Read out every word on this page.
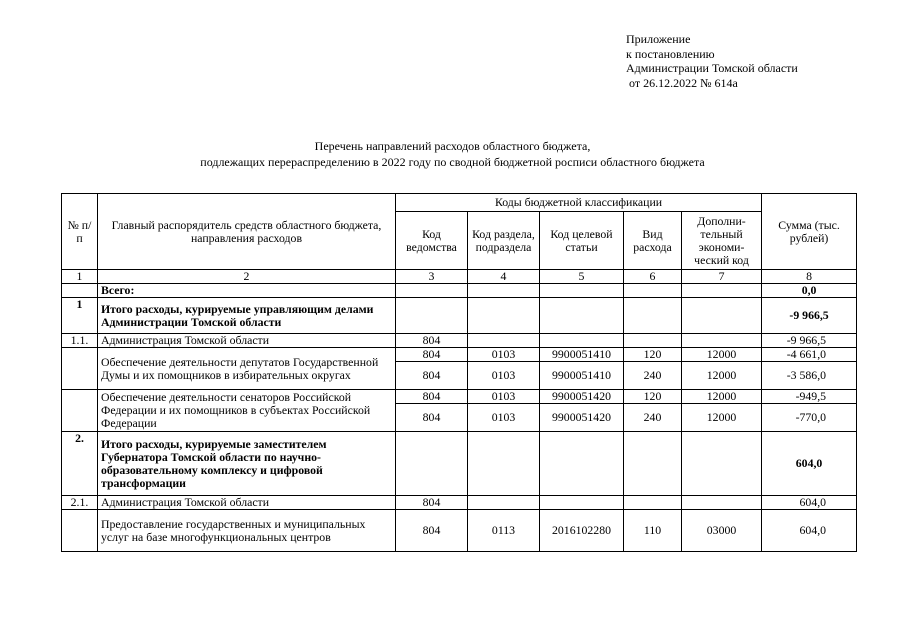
Приложение
к постановлению
Администрации Томской области
от 26.12.2022 № 614а
Перечень направлений расходов областного бюджета,
подлежащих перераспределению в 2022 году по сводной бюджетной росписи областного бюджета
№ п/п	Главный распорядитель средств областного бюджета, направления расходов	Коды бюджетной классификации					Сумма (тыс. рублей)
		Код ведомства	Код раздела, подраздела	Код целевой статьи	Вид расхода	Дополни-тельный экономи-ческий код	
1	2	3	4	5	6	7	8
	Всего:						0,0
1	Итого расходы, курируемые управляющим делами Администрации Томской области						-9 966,5
1.1.	Администрация Томской области	804					-9 966,5
	Обеспечение деятельности депутатов Государственной Думы и их помощников в избирательных округах	804	0103	9900051410	120	12000	-4 661,0
		804	0103	9900051410	240	12000	-3 586,0
	Обеспечение деятельности сенаторов Российской Федерации и их помощников в субъектах Российской Федерации	804	0103	9900051420	120	12000	-949,5
		804	0103	9900051420	240	12000	-770,0
2.	Итого расходы, курируемые заместителем Губернатора Томской области по научно-образовательному комплексу и цифровой трансформации						604,0
2.1.	Администрация Томской области	804					604,0
	Предоставление государственных и муниципальных услуг на базе многофункциональных центров	804	0113	2016102280	110	03000	604,0
